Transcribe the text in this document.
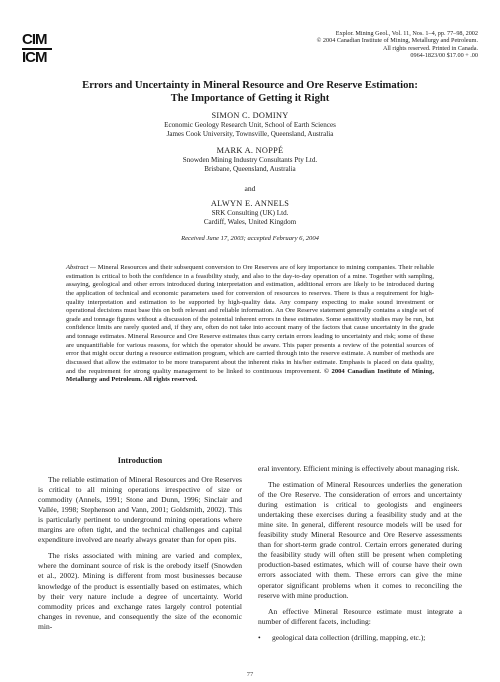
CIM
ICM
Explor. Mining Geol., Vol. 11, Nos. 1–4, pp. 77–98, 2002
© 2004 Canadian Institute of Mining, Metallurgy and Petroleum.
All rights reserved. Printed in Canada.
0964-1823/00 $17.00 + .00

Errors and Uncertainty in Mineral Resource and Ore Reserve Estimation:
The Importance of Getting it Right

SIMON C. DOMINY

Economic Geology Research Unit, School of Earth Sciences

James Cook University, Townsville, Queensland, Australia

MARK A. NOPPÉ

Snowden Mining Industry Consultants Pty Ltd.

Brisbane, Queensland, Australia

and

ALWYN E. ANNELS

SRK Consulting (UK) Ltd.

Cardiff, Wales, United Kingdom

Received June 17, 2003; accepted February 6, 2004

Abstract — Mineral Resources and their subsequent conversion to Ore Reserves are of key importance to mining companies. Their reliable estimation is critical to both the confidence in a feasibility study, and also to the day-to-day operation of a mine. Together with sampling, assaying, geological and other errors introduced during interpretation and estimation, additional errors are likely to be introduced during the application of technical and economic parameters used for conversion of resources to reserves. There is thus a requirement for high-quality interpretation and estimation to be supported by high-quality data. Any company expecting to make sound investment or operational decisions must base this on both relevant and reliable information. An Ore Reserve statement generally contains a single set of grade and tonnage figures without a discussion of the potential inherent errors in these estimates. Some sensitivity studies may be run, but confidence limits are rarely quoted and, if they are, often do not take into account many of the factors that cause uncertainty in the grade and tonnage estimates. Mineral Resource and Ore Reserve estimates thus carry certain errors leading to uncertainty and risk; some of these are unquantifiable for various reasons, for which the operator should be aware. This paper presents a review of the potential sources of error that might occur during a resource estimation program, which are carried through into the reserve estimate. A number of methods are discussed that allow the estimator to be more transparent about the inherent risks in his/her estimate. Emphasis is placed on data quality, and the requirement for strong quality management to be linked to continuous improvement. © 2004 Canadian Institute of Mining, Metallurgy and Petroleum. All rights reserved.

Introduction

The reliable estimation of Mineral Resources and Ore Reserves is critical to all mining operations irrespective of size or commodity (Annels, 1991; Stone and Dunn, 1996; Sinclair and Vallée, 1998; Stephenson and Vann, 2001; Goldsmith, 2002). This is particularly pertinent to underground mining operations where margins are often tight, and the technical challenges and capital expenditure involved are nearly always greater than for open pits.

The risks associated with mining are varied and complex, where the dominant source of risk is the orebody itself (Snowden et al., 2002). Mining is different from most businesses because knowledge of the product is essentially based on estimates, which by their very nature include a degree of uncertainty. World commodity prices and exchange rates largely control potential changes in revenue, and consequently the size of the economic min-

eral inventory. Efficient mining is effectively about managing risk.

The estimation of Mineral Resources underlies the generation of the Ore Reserve. The consideration of errors and uncertainty during estimation is critical to geologists and engineers undertaking these exercises during a feasibility study and at the mine site. In general, different resource models will be used for feasibility study Mineral Resource and Ore Reserve assessments than for short-term grade control. Certain errors generated during the feasibility study will often still be present when completing production-based estimates, which will of course have their own errors associated with them. These errors can give the mine operator significant problems when it comes to reconciling the reserve with mine production.

An effective Mineral Resource estimate must integrate a number of different facets, including:

•	geological data collection (drilling, mapping, etc.);
77
